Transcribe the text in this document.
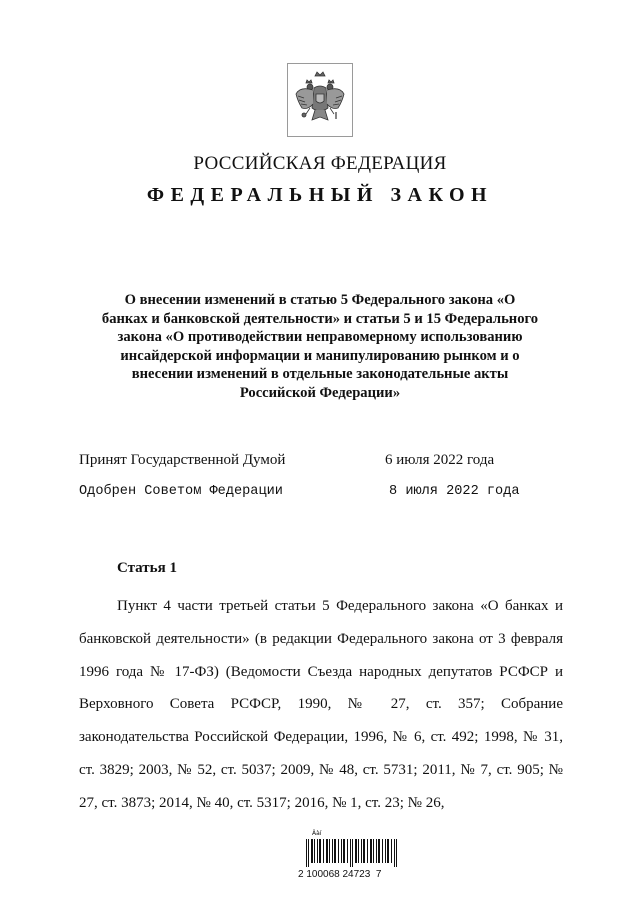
РОССИЙСКАЯ ФЕДЕРАЦИЯ
ФЕДЕРАЛЬНЫЙ ЗАКОН
О внесении изменений в статью 5 Федерального закона «О банках и банковской деятельности» и статьи 5 и 15 Федерального закона «О противодействии неправомерному использованию инсайдерской информации и манипулированию рынком и о внесении изменений в отдельные законодательные акты Российской Федерации»
Принят Государственной Думой	6 июля 2022 года
Одобрен Советом Федерации	8 июля 2022 года
Статья 1

Пункт 4 части третьей статьи 5 Федерального закона «О банках и банковской деятельности» (в редакции Федерального закона от 3 февраля 1996 года № 17-ФЗ) (Ведомости Съезда народных депутатов РСФСР и Верховного Совета РСФСР, 1990, № 27, ст. 357; Собрание законодательства Российской Федерации, 1996, № 6, ст. 492; 1998, № 31, ст. 3829; 2003, № 52, ст. 5037; 2009, № 48, ст. 5731; 2011, № 7, ст. 905; № 27, ст. 3873; 2014, № 40, ст. 5317; 2016, № 1, ст. 23; № 26,

Äàí
2 100068 24723  7
